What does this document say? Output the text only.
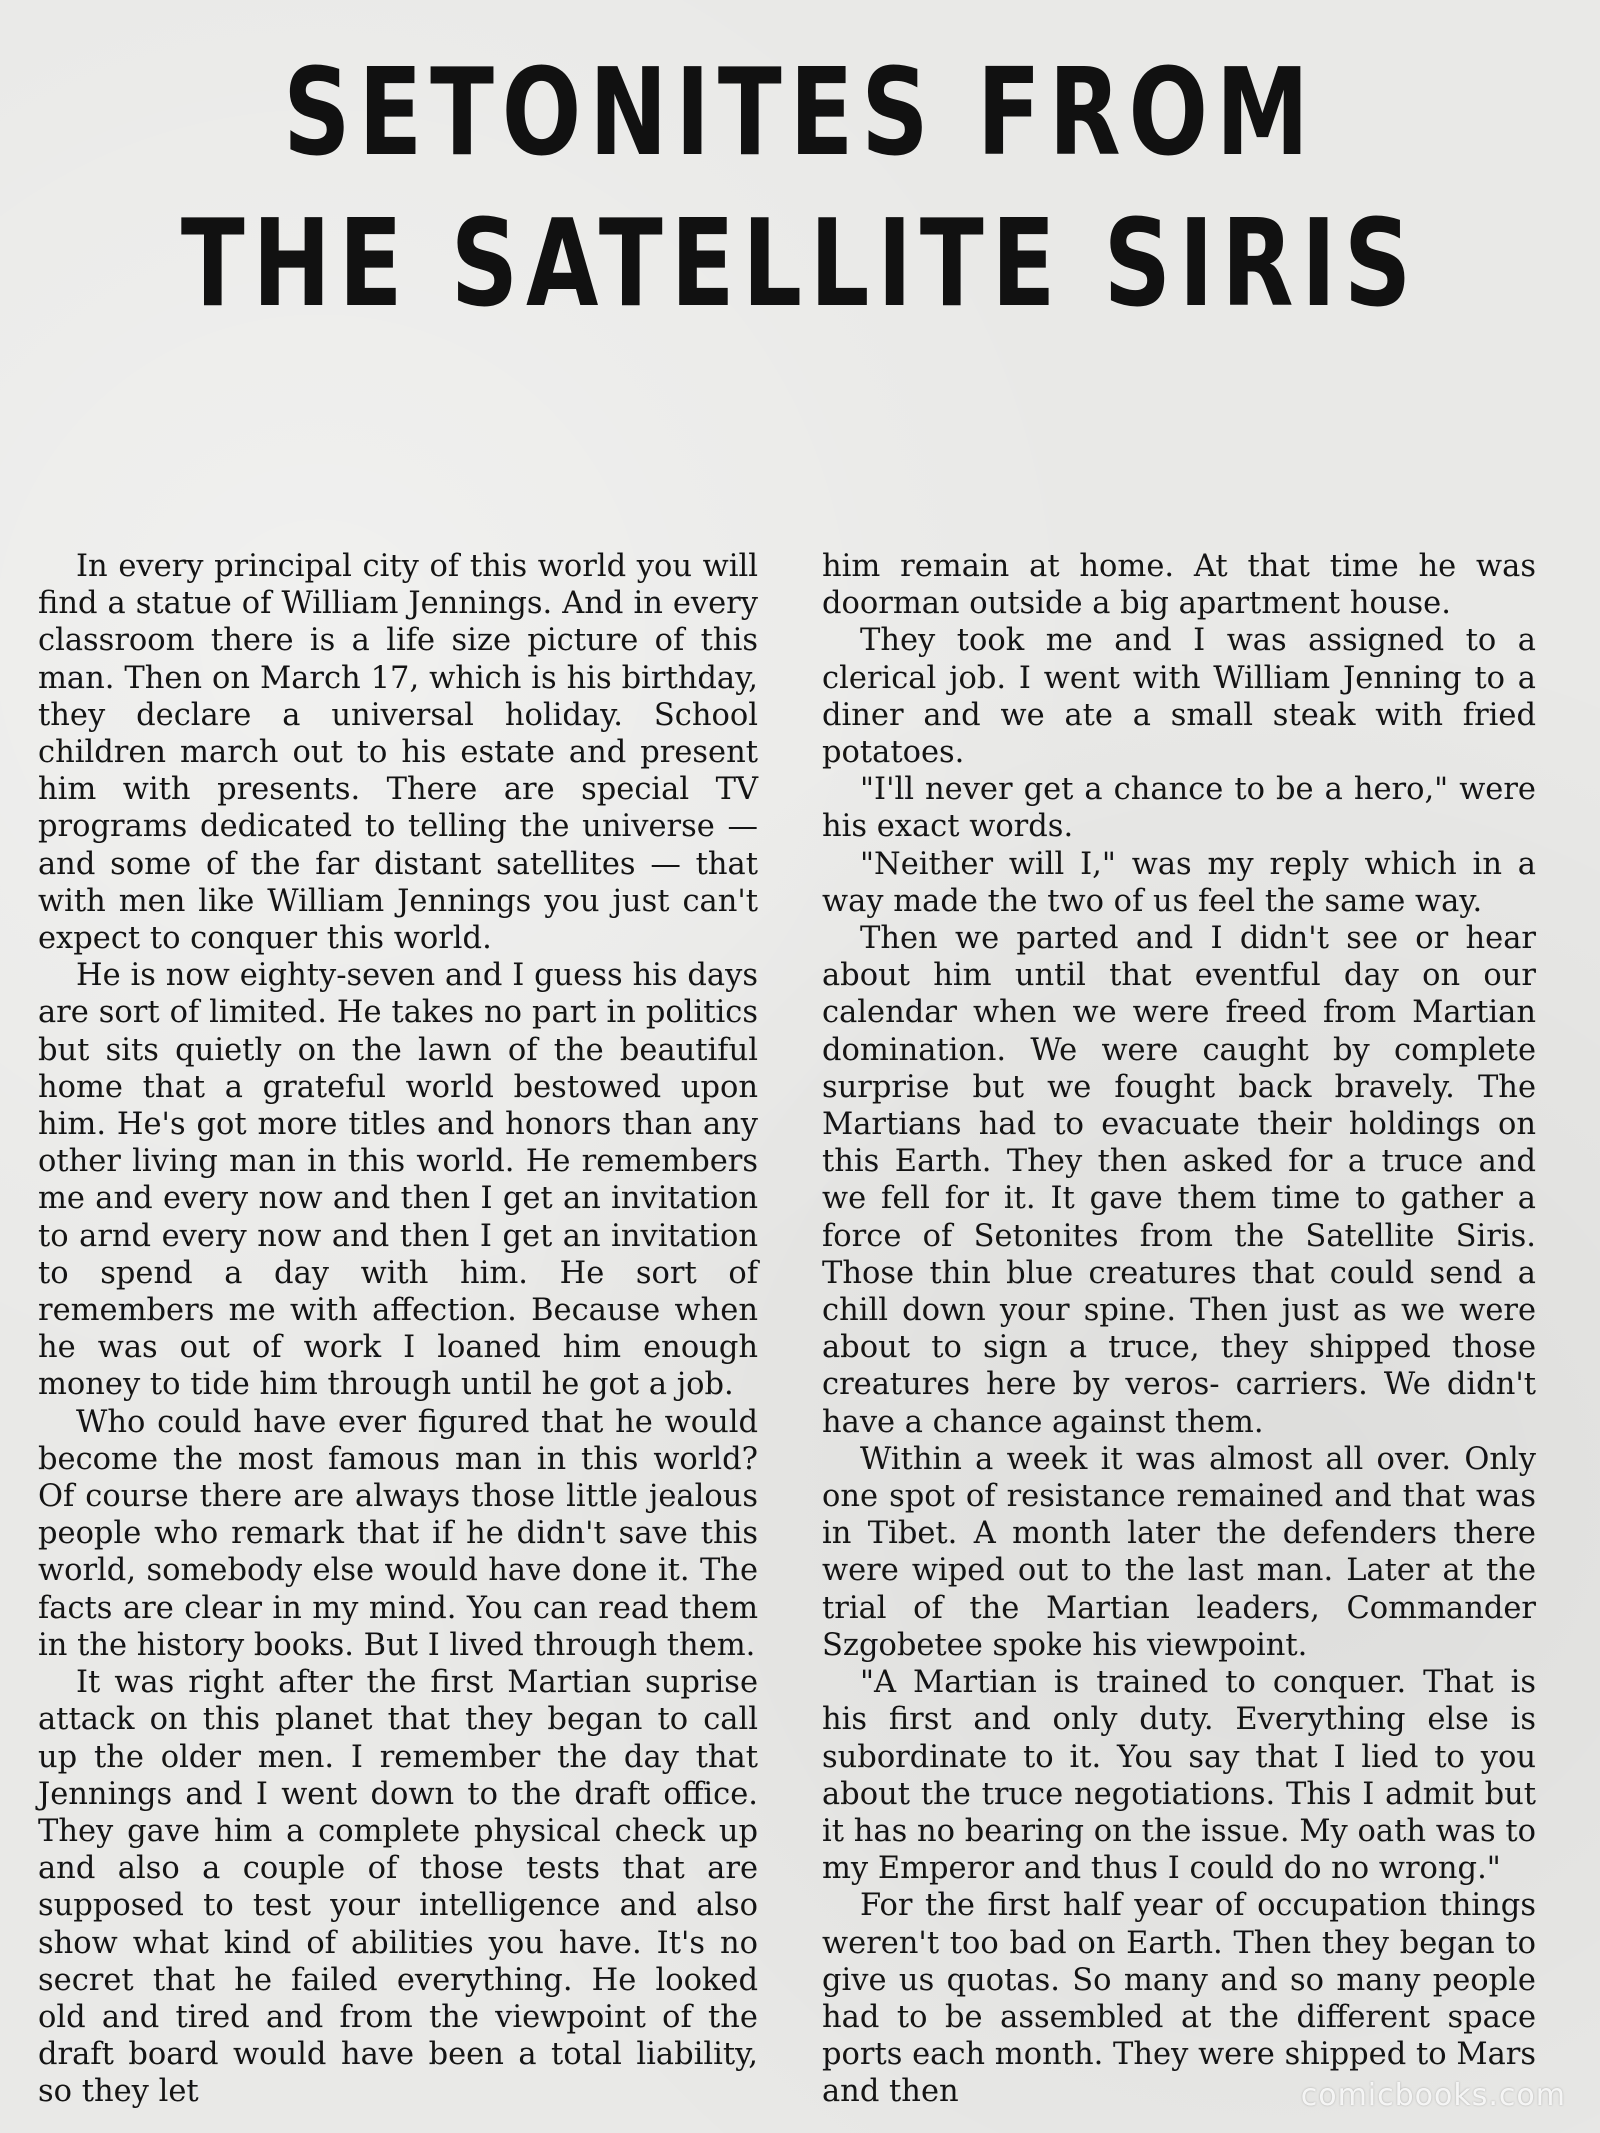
SETONITES FROM
THE SATELLITE SIRIS

In every principal city of this world you will find a statue of William Jennings. And in every classroom there is a life size picture of this man. Then on March 17, which is his birthday, they declare a universal holiday. School children march out to his estate and present him with presents. There are special TV programs dedicated to telling the universe — and some of the far distant satellites — that with men like William Jennings you just can't expect to conquer this world.

He is now eighty-seven and I guess his days are sort of limited. He takes no part in politics but sits quietly on the lawn of the beautiful home that a grateful world bestowed upon him. He's got more titles and honors than any other living man in this world. He remembers me and every now and then I get an invitation to arnd every now and then I get an invitation to spend a day with him. He sort of remembers me with affection. Because when he was out of work I loaned him enough money to tide him through until he got a job.

Who could have ever figured that he would become the most famous man in this world? Of course there are always those little jealous people who remark that if he didn't save this world, somebody else would have done it. The facts are clear in my mind. You can read them in the history books. But I lived through them.

It was right after the first Martian suprise attack on this planet that they began to call up the older men. I remember the day that Jennings and I went down to the draft office. They gave him a complete physical check up and also a couple of those tests that are supposed to test your intelligence and also show what kind of abilities you have. It's no secret that he failed everything. He looked old and tired and from the viewpoint of the draft board would have been a total liability, so they let

him remain at home. At that time he was doorman outside a big apartment house.

They took me and I was assigned to a clerical job. I went with William Jenning to a diner and we ate a small steak with fried potatoes.

"I'll never get a chance to be a hero," were his exact words.

"Neither will I," was my reply which in a way made the two of us feel the same way.

Then we parted and I didn't see or hear about him until that eventful day on our calendar when we were freed from Martian domination. We were caught by complete surprise but we fought back bravely. The Martians had to evacuate their holdings on this Earth. They then asked for a truce and we fell for it. It gave them time to gather a force of Setonites from the Satellite Siris. Those thin blue creatures that could send a chill down your spine. Then just as we were about to sign a truce, they shipped those creatures here by veros- carriers. We didn't have a chance against them.

Within a week it was almost all over. Only one spot of resistance remained and that was in Tibet. A month later the defenders there were wiped out to the last man. Later at the trial of the Martian leaders, Commander Szgobetee spoke his viewpoint.

"A Martian is trained to conquer. That is his first and only duty. Everything else is subordinate to it. You say that I lied to you about the truce negotiations. This I admit but it has no bearing on the issue. My oath was to my Emperor and thus I could do no wrong."

For the first half year of occupation things weren't too bad on Earth. Then they began to give us quotas. So many and so many people had to be assembled at the different space ports each month. They were shipped to Mars and then	comicbooks.com
